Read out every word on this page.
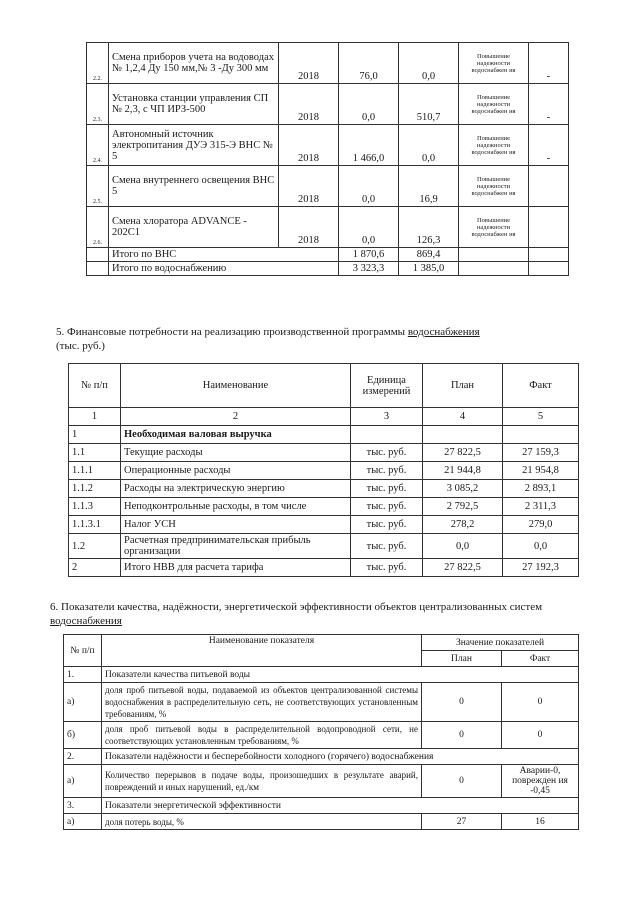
2.2.	Смена приборов учета на водоводах № 1,2,4 Ду 150 мм,№ 3 -Ду 300 мм	2018	76,0	0,0	Повышение надежности водоснабжен ия	-
2.3.	Установка станции управления СП № 2,3, с ЧП ИРЗ-500	2018	0,0	510,7	Повышение надежности водоснабжен ия	-
2.4.	Автономный источник электропитания ДУЭ 315-Э ВНС № 5	2018	1 466,0	0,0	Повышение надежности водоснабжен ия	-
2.5.	Смена внутреннего освещения ВНС 5	2018	0,0	16,9	Повышение надежности водоснабжен ия	
2.6.	Смена хлоратора ADVANCE - 202C1	2018	0,0	126,3	Повышение надежности водоснабжен ия	
	Итого по ВНС		1 870,6	869,4		
	Итого по водоснабжению		3 323,3	1 385,0		
5. Финансовые потребности на реализацию производственной программы водоснабжения
(тыс. руб.)
№ п/п	Наименование	Единица измерений	План	Факт
1	2	3	4	5
1	Необходимая валовая выручка			
1.1	Текущие расходы	тыс. руб.	27 822,5	27 159,3
1.1.1	Операционные расходы	тыс. руб.	21 944,8	21 954,8
1.1.2	Расходы на электрическую энергию	тыс. руб.	3 085,2	2 893,1
1.1.3	Неподконтрольные расходы, в том числе	тыс. руб.	2 792,5	2 311,3
1.1.3.1	Налог УСН	тыс. руб.	278,2	279,0
1.2	Расчетная предпринимательская прибыль организации	тыс. руб.	0,0	0,0
2	Итого НВВ для расчета тарифа	тыс. руб.	27 822,5	27 192,3
6. Показатели качества, надёжности, энергетической эффективности объектов централизованных систем
водоснабжения
№ п/п	Наименование показателя	Значение показателей	
		План	Факт
1.	Показатели качества питьевой воды		
а)	доля проб питьевой воды, подаваемой из объектов централизованной системы водоснабжения в распределительную сеть, не соответствующих установленным требованиям, %	0	0
б)	доля проб питьевой воды в распределительной водопроводной сети, не соответствующих установленным требованиям, %	0	0
2.	Показатели надёжности и бесперебойности холодного (горячего) водоснабжения		
а)	Количество перерывов в подаче воды, произошедших в результате аварий, повреждений и иных нарушений, ед./км	0	Аварии-0, поврежден ия -0,45
3.	Показатели энергетической эффективности		
а)	доля потерь воды, %	27	16
